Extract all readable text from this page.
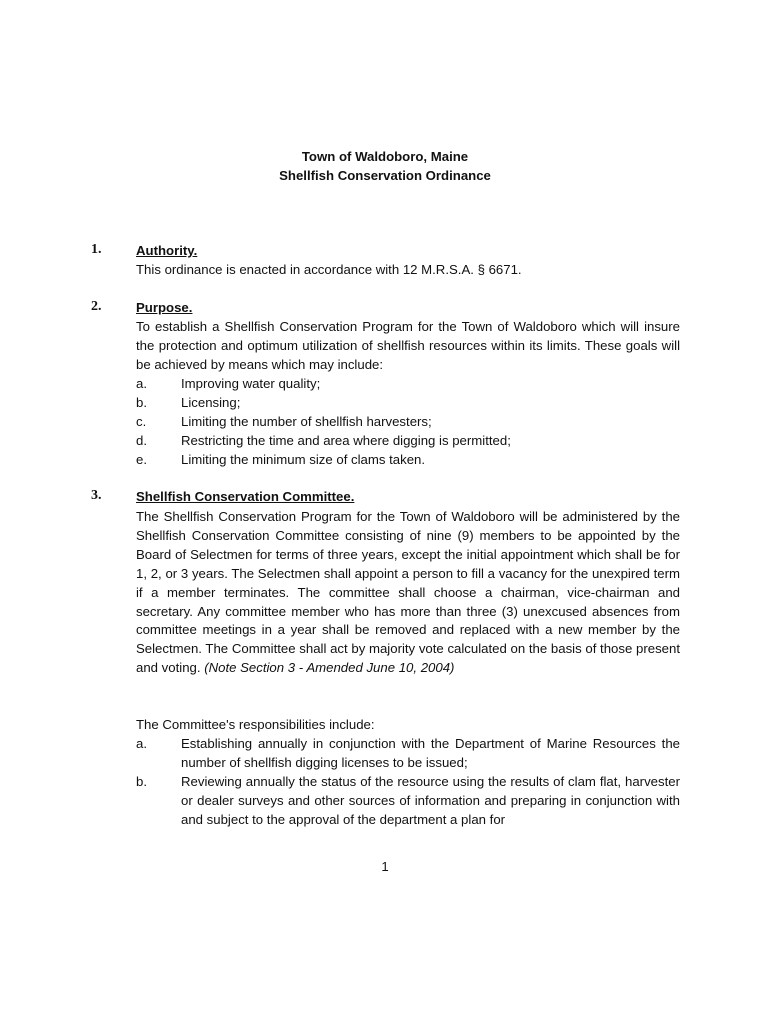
Town of Waldoboro, Maine
Shellfish Conservation Ordinance
1.	Authority.
This ordinance is enacted in accordance with 12 M.R.S.A. § 6671.
2.	Purpose.
To establish a Shellfish Conservation Program for the Town of Waldoboro which will insure the protection and optimum utilization of shellfish resources within its limits. These goals will be achieved by means which may include:
a.	Improving water quality;
b.	Licensing;
c.	Limiting the number of shellfish harvesters;
d.	Restricting the time and area where digging is permitted;
e.	Limiting the minimum size of clams taken.
3.	Shellfish Conservation Committee.
The Shellfish Conservation Program for the Town of Waldoboro will be administered by the Shellfish Conservation Committee consisting of nine (9) members to be appointed by the Board of Selectmen for terms of three years, except the initial appointment which shall be for 1, 2, or 3 years. The Selectmen shall appoint a person to fill a vacancy for the unexpired term if a member terminates. The committee shall choose a chairman, vice-chairman and secretary. Any committee member who has more than three (3) unexcused absences from committee meetings in a year shall be removed and replaced with a new member by the Selectmen. The Committee shall act by majority vote calculated on the basis of those present and voting. (Note Section 3 - Amended June 10, 2004)
The Committee's responsibilities include:
a.	Establishing annually in conjunction with the Department of Marine Resources the number of shellfish digging licenses to be issued;
b.	Reviewing annually the status of the resource using the results of clam flat, harvester or dealer surveys and other sources of information and preparing in conjunction with and subject to the approval of the department a plan for
1
